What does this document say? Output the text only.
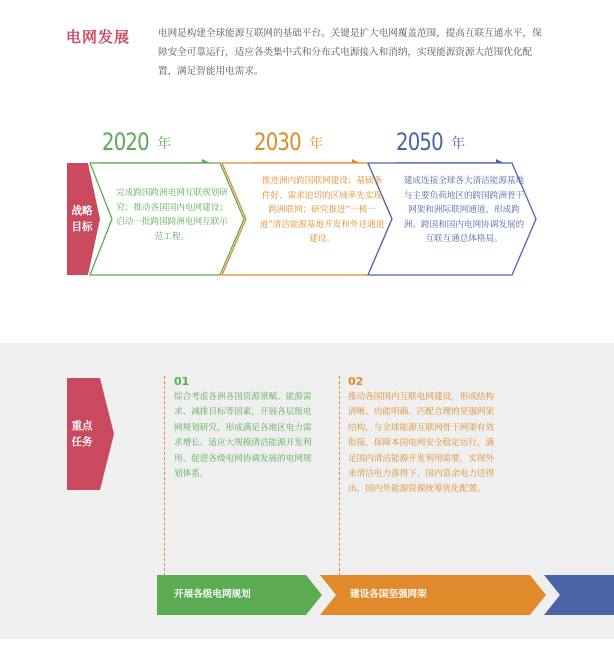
电网发展	电网是构建全球能源互联网的基础平台。关键是扩大电网覆盖范围，提高互联互通水平，保障安全可靠运行，适应各类集中式和分布式电源接入和消纳，实现能源资源大范围优化配置，满足智能用电需求。
2020 年	2030 年	2050 年
战略
目标
完成跨国跨洲电网互联规划研究；推动各国国内电网建设；启动一批跨国跨洲电网互联示范工程。
推进洲内跨国联网建设；基础条件好、需求迫切的区域率先实现跨洲联网；研究推进“一极一道”清洁能源基地开发和外送通道建设。
建成连接全球各大清洁能源基地与主要负荷地区的跨国跨洲骨干网架和洲际联网通道，形成跨洲、跨国和国内电网协调发展的互联互通总体格局。
重点
任务
01
综合考虑各洲各国资源禀赋、能源需求、减排目标等因素，开展各层级电网规划研究，形成满足各地区电力需求增长、适应大规模清洁能源开发利用、促进各级电网协调发展的电网规划体系。
02
推动各国国内互联电网建设，形成结构清晰、功能明确、匹配合理的坚强网架结构，与全球能源互联网骨干网架有效衔接，保障本国电网安全稳定运行，满足国内清洁能源开发利用需要，实现外来清洁电力落得下、国内富余电力送得出，国内外能源资源统筹优化配置。
开展各级电网规划	建设各国坚强网架
